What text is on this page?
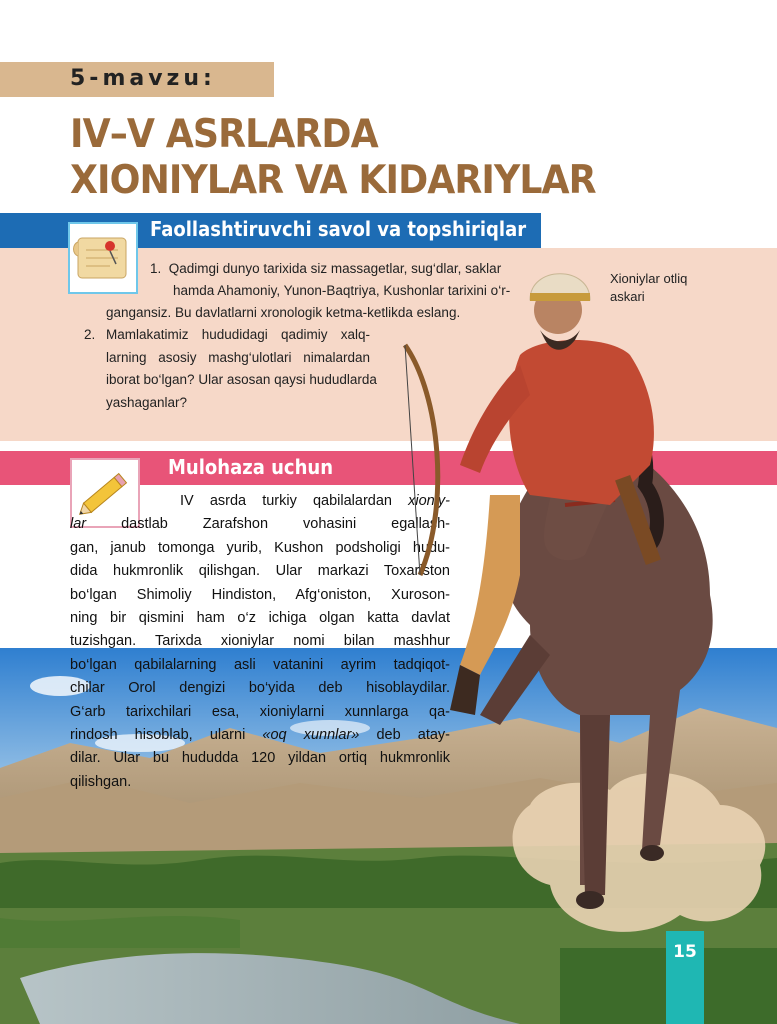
5-mavzu:
IV–V ASRLARDA
XIONIYLAR VA KIDARIYLAR
Faollashtiruvchi savol va topshiriqlar
1. Qadimgi dunyo tarixida siz massagetlar, sug‘dlar, saklar
hamda Ahamoniy, Yunon-Baqtriya, Kushonlar tarixini o‘r-
gangansiz. Bu davlatlarni xronologik ketma-ketlikda eslang.
2. Mamlakatimiz hududidagi qadimiy xalq-
larning asosiy mashg‘ulotlari nimalardan
iborat bo‘lgan? Ular asosan qaysi hududlarda
yashaganlar?
Mulohaza uchun
IV asrda turkiy qabilalardan xioniy-
lar dastlab Zarafshon vohasini egallash-
gan, janub tomonga yurib, Kushon podsholigi hudu-
dida hukmronlik qilishgan. Ular markazi Toxariston
bo‘lgan Shimoliy Hindiston, Afg‘oniston, Xuroson-
ning bir qismini ham o‘z ichiga olgan katta davlat
tuzishgan. Tarixda xioniylar nomi bilan mashhur
bo‘lgan qabilalarning asli vatanini ayrim tadqiqot-
chilar Orol dengizi bo‘yida deb hisoblaydilar.
G‘arb tarixchilari esa, xioniylarni xunnlarga qa-
rindosh hisoblab, ularni «oq xunnlar» deb atay-
dilar. Ular bu hududda 120 yildan ortiq hukmronlik
qilishgan.
Xioniylar otliq
askari
15
